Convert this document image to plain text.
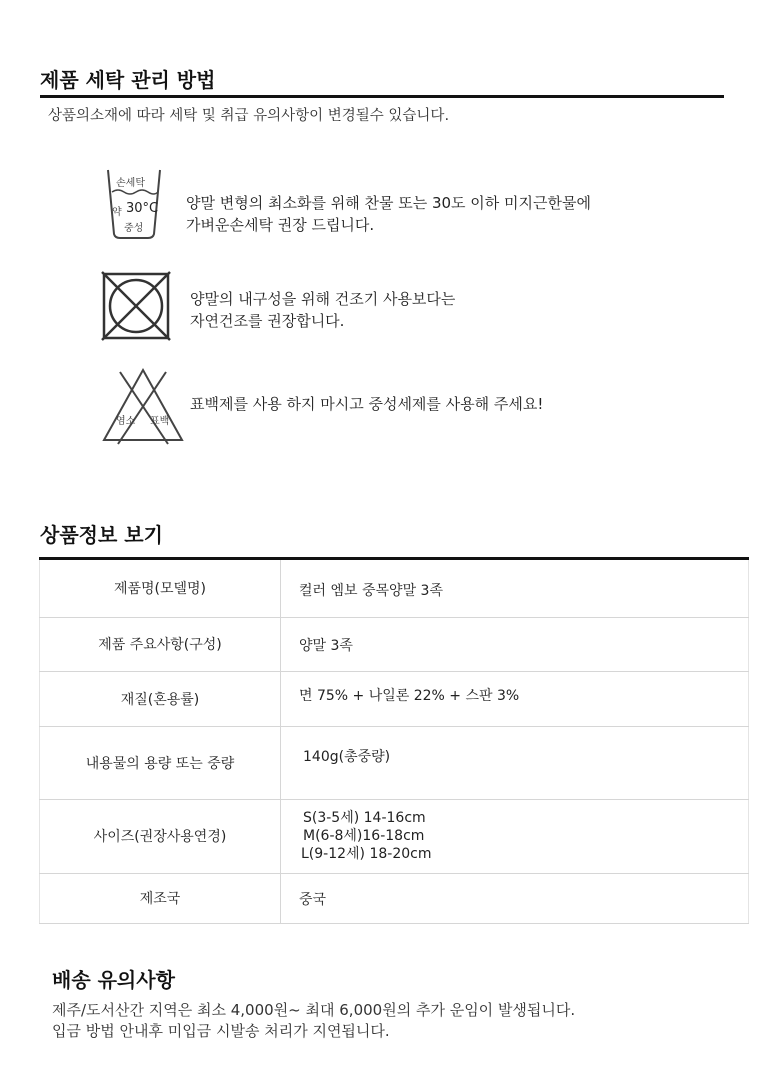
제품 세탁 관리 방법
상품의소재에 따라 세탁 및 취급 유의사항이 변경될수 있습니다.
손세탁
약 30°C
중성
양말 변형의 최소화를 위해 찬물 또는 30도 이하 미지근한물에
가벼운손세탁 권장 드립니다.
양말의 내구성을 위해 건조기 사용보다는
자연건조를 권장합니다.
염소 표백
표백제를 사용 하지 마시고 중성세제를 사용해 주세요!
상품정보 보기
제품명(모델명)	컬러 엠보 중목양말 3족

제품 주요사항(구성)	양말 3족

재질(혼용률)	면 75% + 나일론 22% + 스판 3%

내용물의 용량 또는 중량	140g(총중량)

사이즈(권장사용연경)	S(3-5세) 14-16cm
M(6-8세)16-18cm
L(9-12세) 18-20cm

제조국	중국
배송 유의사항
제주/도서산간 지역은 최소 4,000원~ 최대 6,000원의 추가 운임이 발생됩니다.
입금 방법 안내후 미입금 시발송 처리가 지연됩니다.
